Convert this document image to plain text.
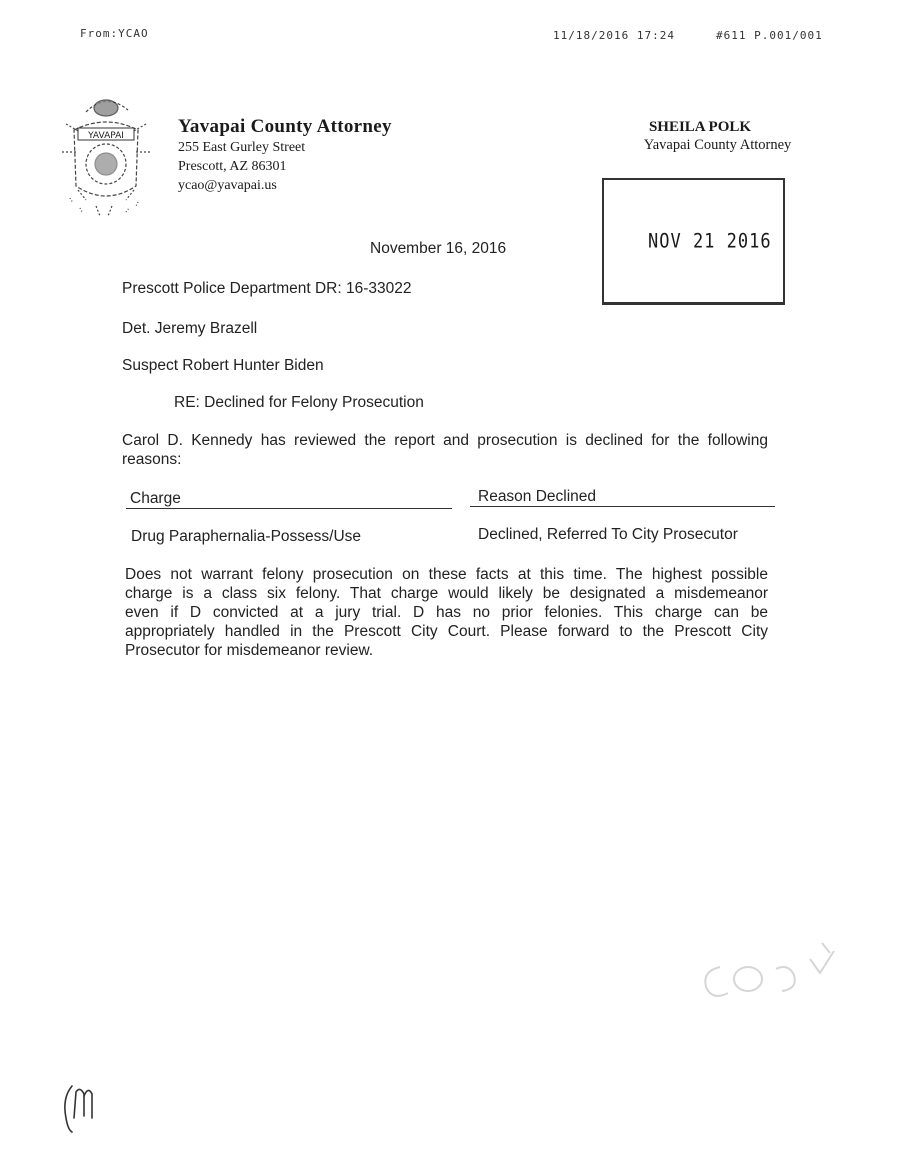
From:YCAO	11/18/2016 17:24	#611 P.001/001
YAVAPAI	Yavapai County Attorney
255 East Gurley Street
Prescott, AZ 86301
ycao@yavapai.us
SHEILA POLK
Yavapai County Attorney
NOV 21 2016
November 16, 2016
Prescott Police Department DR: 16-33022
Det. Jeremy Brazell
Suspect Robert Hunter Biden
RE: Declined for Felony Prosecution
Carol D. Kennedy has reviewed the report and prosecution is declined for the following
reasons:
Charge	Reason Declined
Drug Paraphernalia-Possess/Use	Declined, Referred To City Prosecutor
Does not warrant felony prosecution on these facts at this time. The highest possible
charge is a class six felony. That charge would likely be designated a misdemeanor
even if D convicted at a jury trial. D has no prior felonies. This charge can be
appropriately handled in the Prescott City Court. Please forward to the Prescott City
Prosecutor for misdemeanor review.
